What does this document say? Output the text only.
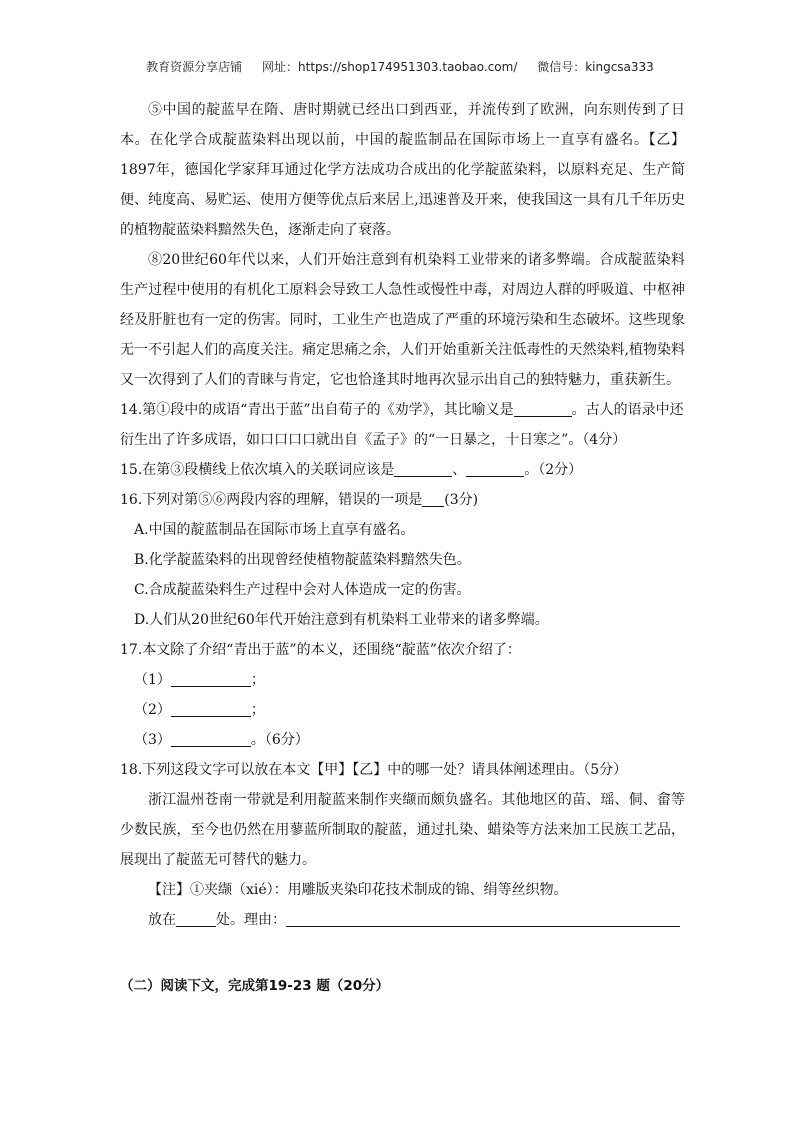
教育资源分享店铺 网址：https://shop174951303.taobao.com/ 微信号：kingcsa333

⑤中国的靛蓝早在隋、唐时期就已经出口到西亚，并流传到了欧洲，向东则传到了日本。在化学合成靛蓝染料出现以前，中国的靛监制品在国际市场上一直享有盛名。【乙】1897年，德国化学家拜耳通过化学方法成功合成出的化学靛蓝染料，以原料充足、生产简便、纯度高、易贮运、使用方便等优点后来居上,迅速普及开来，使我国这一具有几千年历史的植物靛蓝染料黯然失色，逐渐走向了衰落。

⑧20世纪60年代以来，人们开始注意到有机染料工业带来的诸多弊端。合成靛蓝染料生产过程中使用的有机化工原料会导致工人急性或慢性中毒，对周边人群的呼吸道、中枢神经及肝脏也有一定的伤害。同时，工业生产也造成了严重的环境污染和生态破坏。这些现象无一不引起人们的高度关注。痛定思痛之余，人们开始重新关注低毒性的天然染料,植物染料又一次得到了人们的青睐与肯定，它也恰逢其时地再次显示出自己的独特魅力，重获新生。

14.第①段中的成语“青出于蓝”出自荀子的《劝学》，其比喻义是	。古人的语录中还衍生出了许多成语，如口口口口就出自《孟子》的“一日暴之，十日寒之”。（4分）

15.在第③段横线上依次填入的关联词应该是	、	。（2分）

16.下列对第⑤⑥两段内容的理解，错误的一项是 (3分)

A.中国的靛蓝制品在国际市场上直享有盛名。

B.化学靛蓝染料的出现曾经使植物靛蓝染料黯然失色。

C.合成靛蓝染料生产过程中会对人体造成一定的伤害。

D.人们从20世纪60年代开始注意到有机染料工业带来的诸多弊端。

17.本文除了介绍“青出于蓝”的本义，还围绕“靛蓝”依次介绍了：

（1）	；

（2）	；

（3）	。（6分）

18.下列这段文字可以放在本文【甲】【乙】中的哪一处？请具体阐述理由。（5分）

浙江温州苍南一带就是利用靛蓝来制作夹缬而颇负盛名。其他地区的苗、瑶、侗、畲等少数民族，至今也仍然在用蓼蓝所制取的靛蓝，通过扎染、蜡染等方法来加工民族工艺品，展现出了靛蓝无可替代的魅力。

【注】①夹缬（xié）：用雕版夹染印花技术制成的锦、绢等丝织物。

放在	处。理由：

（二）阅读下文，完成第19-23 题（20分）
